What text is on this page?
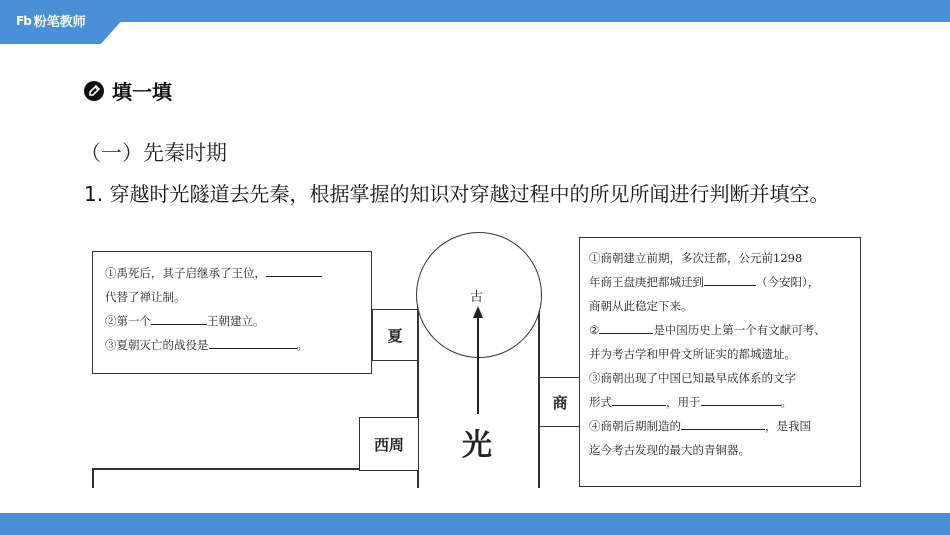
Fb 粉笔教师
填一填
（一）先秦时期
1. 穿越时光隧道去先秦，根据掌握的知识对穿越过程中的所见所闻进行判断并填空。
古
光
夏
商
西周

①禹死后，其子启继承了王位，

代替了禅让制。

②第一个	王朝建立。

③夏朝灭亡的战役是	。

①商朝建立前期，多次迁都，公元前1298

年商王盘庚把都城迁到	（今安阳），

商朝从此稳定下来。

②	是中国历史上第一个有文献可考、

并为考古学和甲骨文所证实的都城遗址。

③商朝出现了中国已知最早成体系的文字

形式	，用于	。

④商朝后期制造的	，是我国

迄今考古发现的最大的青铜器。
